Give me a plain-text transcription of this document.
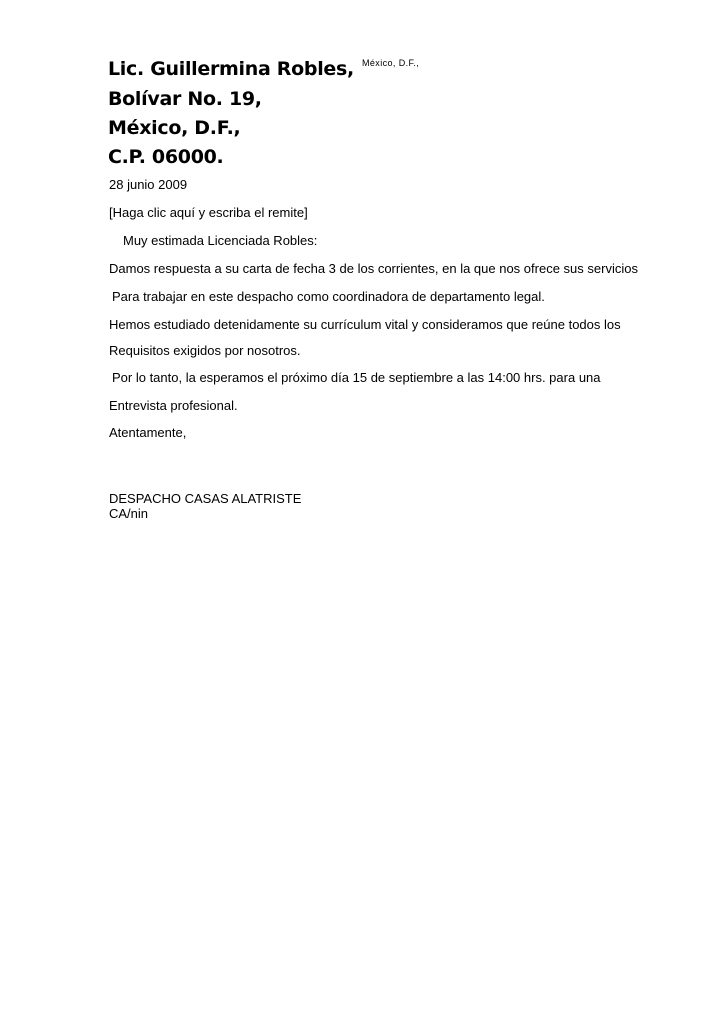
Lic. Guillermina Robles,
Bolívar No. 19,
México, D.F.,
C.P. 06000.
México, D.F.,
28 junio 2009
[Haga clic aquí y escriba el remite]
Muy estimada Licenciada Robles:
Damos respuesta a su carta de fecha 3 de los corrientes, en la que nos ofrece sus servicios
Para trabajar en este despacho como coordinadora de departamento legal.
Hemos estudiado detenidamente su currículum vital y consideramos que reúne todos los
Requisitos exigidos por nosotros.
Por lo tanto, la esperamos el próximo día 15 de septiembre a las 14:00 hrs. para una
Entrevista profesional.
Atentamente,
DESPACHO CASAS ALATRISTE
CA/nin
